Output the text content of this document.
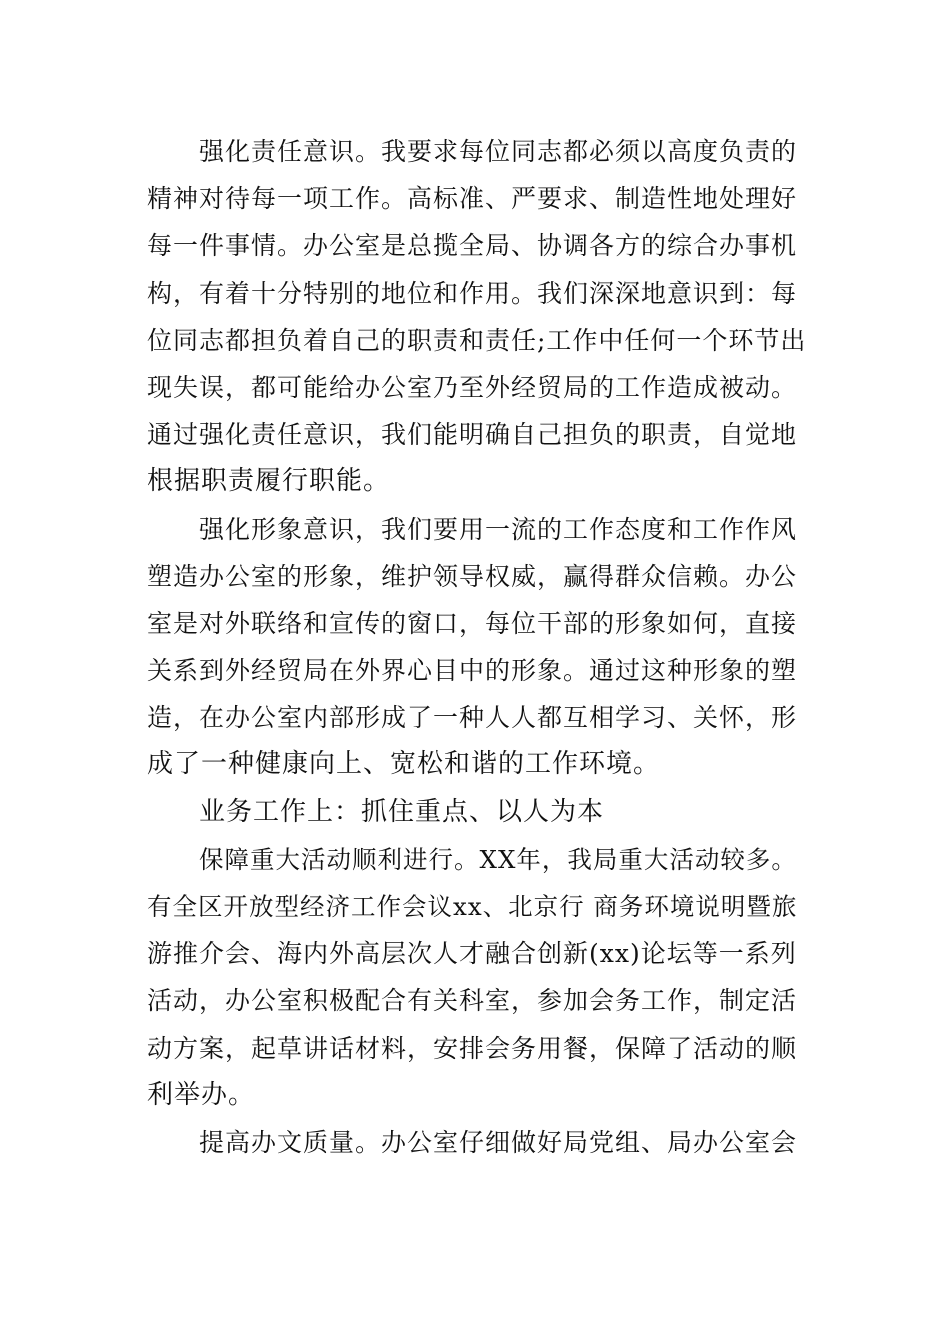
强化责任意识。我要求每位同志都必须以高度负责的
精神对待每一项工作。高标准、严要求、制造性地处理好
每一件事情。办公室是总揽全局、协调各方的综合办事机
构，有着十分特别的地位和作用。我们深深地意识到：每
位同志都担负着自己的职责和责任;工作中任何一个环节出
现失误，都可能给办公室乃至外经贸局的工作造成被动。
通过强化责任意识，我们能明确自己担负的职责，自觉地
根据职责履行职能。
强化形象意识，我们要用一流的工作态度和工作作风
塑造办公室的形象，维护领导权威，赢得群众信赖。办公
室是对外联络和宣传的窗口，每位干部的形象如何，直接
关系到外经贸局在外界心目中的形象。通过这种形象的塑
造，在办公室内部形成了一种人人都互相学习、关怀，形
成了一种健康向上、宽松和谐的工作环境。
业务工作上：抓住重点、以人为本
保障重大活动顺利进行。XX年，我局重大活动较多。
有全区开放型经济工作会议xx、北京行 商务环境说明暨旅
游推介会、海内外高层次人才融合创新(xx)论坛等一系列
活动，办公室积极配合有关科室，参加会务工作，制定活
动方案，起草讲话材料，安排会务用餐，保障了活动的顺
利举办。
提高办文质量。办公室仔细做好局党组、局办公室会
